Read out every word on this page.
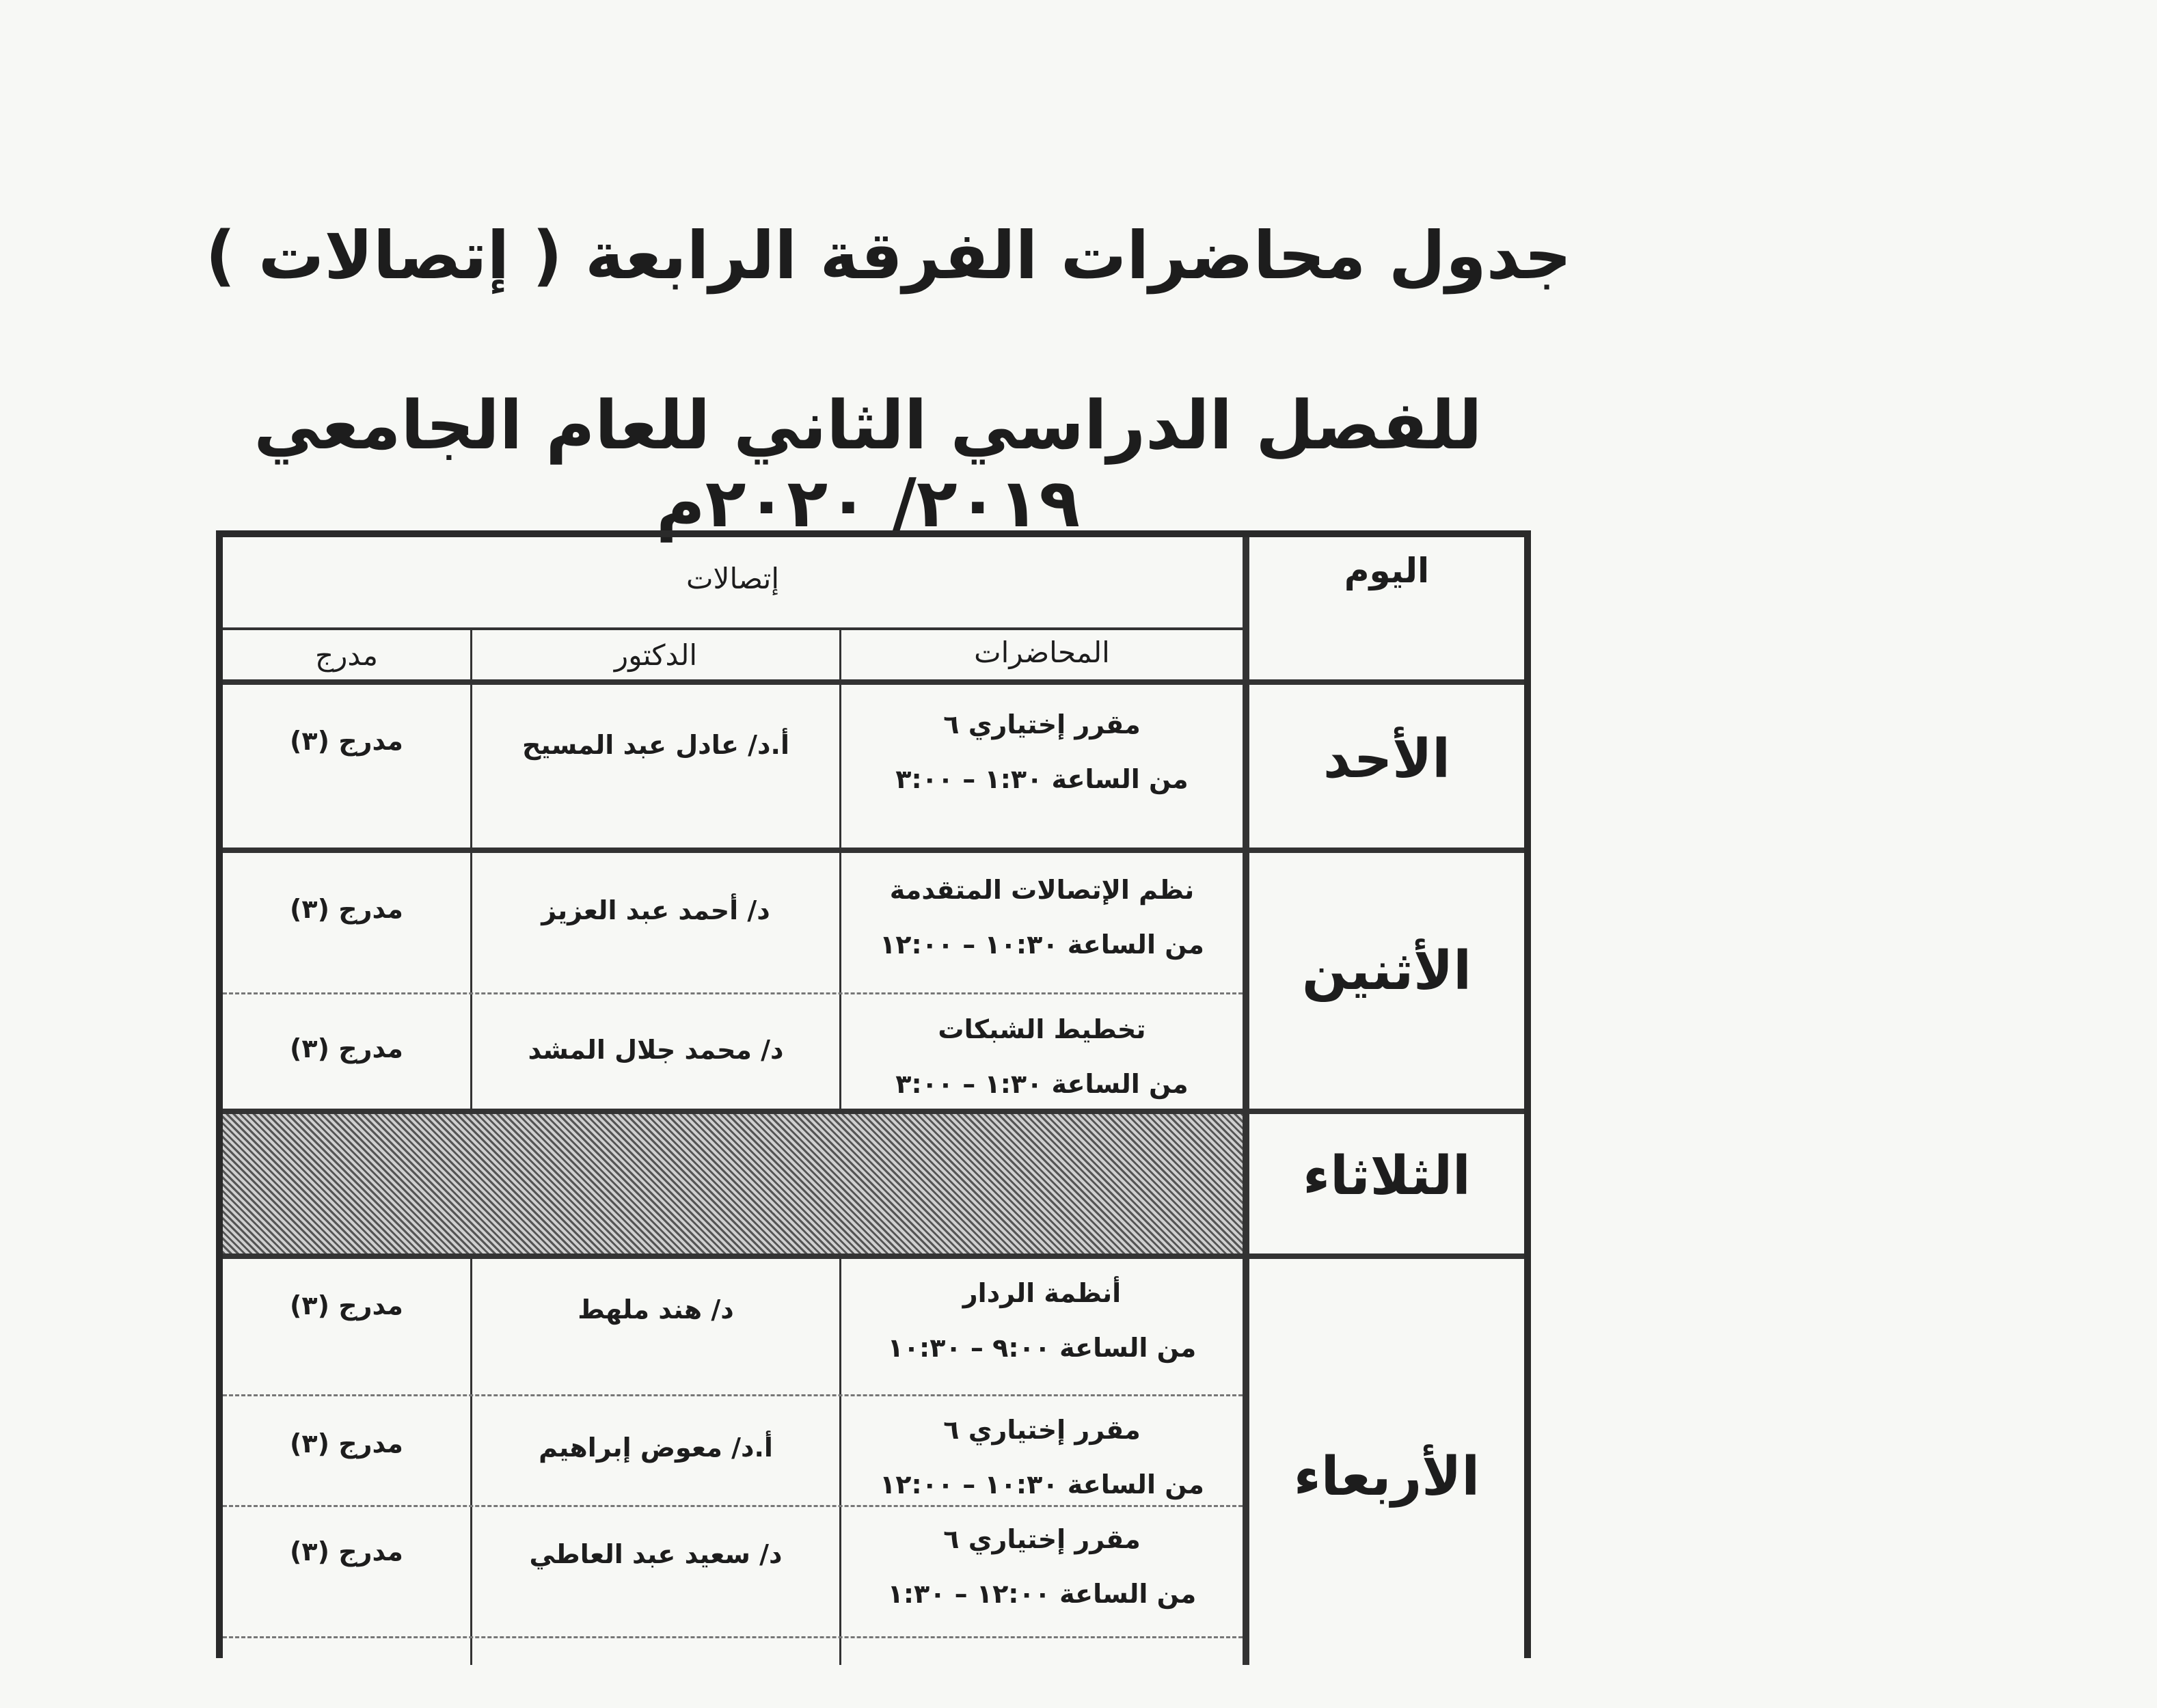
جدول محاضرات الفرقة الرابعة ( إتصالات )
للفصل الدراسي الثاني للعام الجامعي ٢٠١٩/ ٢٠٢٠م
اليوم
إتصالات
المحاضرات
الدكتور
مدرج
الأحد
الأثنين
الثلاثاء
الأربعاء
مقرر إختياري ٦
من الساعة ١:٣٠ – ٣:٠٠
أ.د/ عادل عبد المسيح
مدرج (٣)
نظم الإتصالات المتقدمة
من الساعة ١٠:٣٠ – ١٢:٠٠
د/ أحمد عبد العزيز
مدرج (٣)
تخطيط الشبكات
من الساعة ١:٣٠ – ٣:٠٠
د/ محمد جلال المشد
مدرج (٣)
أنظمة الردار
من الساعة ٩:٠٠ – ١٠:٣٠
د/ هند ملهط
مدرج (٣)
مقرر إختياري ٦
من الساعة ١٠:٣٠ – ١٢:٠٠
أ.د/ معوض إبراهيم
مدرج (٣)
مقرر إختياري ٦
من الساعة ١٢:٠٠ – ١:٣٠
د/ سعيد عبد العاطي
مدرج (٣)
